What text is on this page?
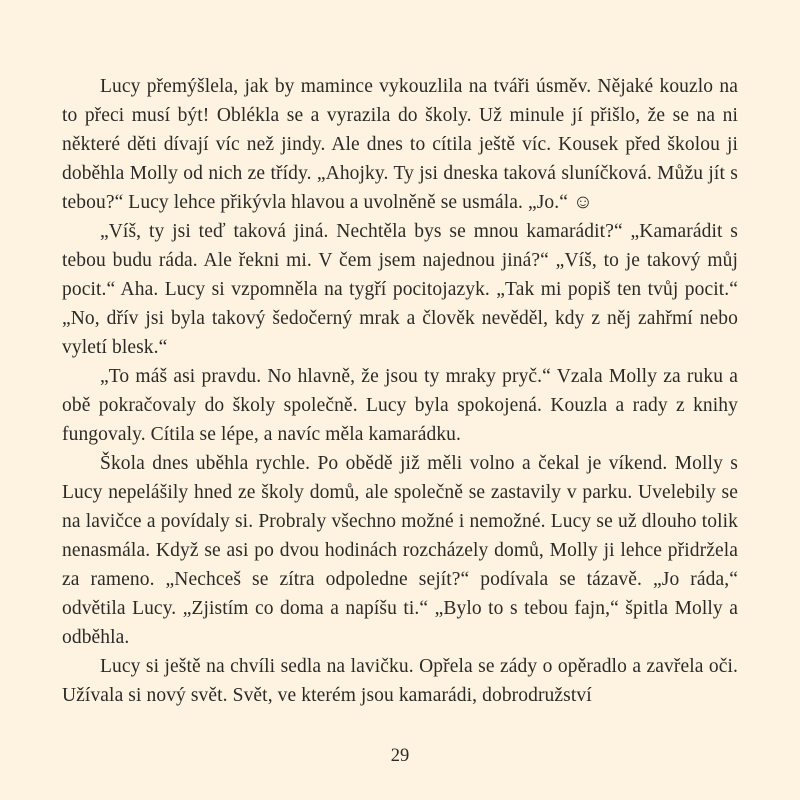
Lucy přemýšlela, jak by mamince vykouzlila na tváři úsměv. Nějaké kouzlo na to přeci musí být! Oblékla se a vyrazila do školy. Už minule jí přišlo, že se na ni některé děti dívají víc než jindy. Ale dnes to cítila ještě víc. Kousek před školou ji doběhla Molly od nich ze třídy. „Ahojky. Ty jsi dneska taková sluníčková. Můžu jít s tebou?“ Lucy lehce přikývla hlavou a uvolněně se usmála. „Jo.“ ☺

„Víš, ty jsi teď taková jiná. Nechtěla bys se mnou kamarádit?“ „Kamarádit s tebou budu ráda. Ale řekni mi. V čem jsem najednou jiná?“ „Víš, to je takový můj pocit.“ Aha. Lucy si vzpomněla na tygří pocitojazyk. „Tak mi popiš ten tvůj pocit.“ „No, dřív jsi byla takový šedočerný mrak a člověk nevěděl, kdy z něj zahřmí nebo vyletí blesk.“

„To máš asi pravdu. No hlavně, že jsou ty mraky pryč.“ Vzala Molly za ruku a obě pokračovaly do školy společně. Lucy byla spokojená. Kouzla a rady z knihy fungovaly. Cítila se lépe, a navíc měla kamarádku.

Škola dnes uběhla rychle. Po obědě již měli volno a čekal je víkend. Molly s Lucy nepelášily hned ze školy domů, ale společně se zastavily v parku. Uvelebily se na lavičce a povídaly si. Probraly všechno možné i nemožné. Lucy se už dlouho tolik nenasmála. Když se asi po dvou hodinách rozcházely domů, Molly ji lehce přidržela za rameno. „Nechceš se zítra odpoledne sejít?“ podívala se tázavě. „Jo ráda,“ odvětila Lucy. „Zjistím co doma a napíšu ti.“ „Bylo to s tebou fajn,“ špitla Molly a odběhla.

Lucy si ještě na chvíli sedla na lavičku. Opřela se zády o opěradlo a zavřela oči. Užívala si nový svět. Svět, ve kterém jsou kamarádi, dobrodružství

29
